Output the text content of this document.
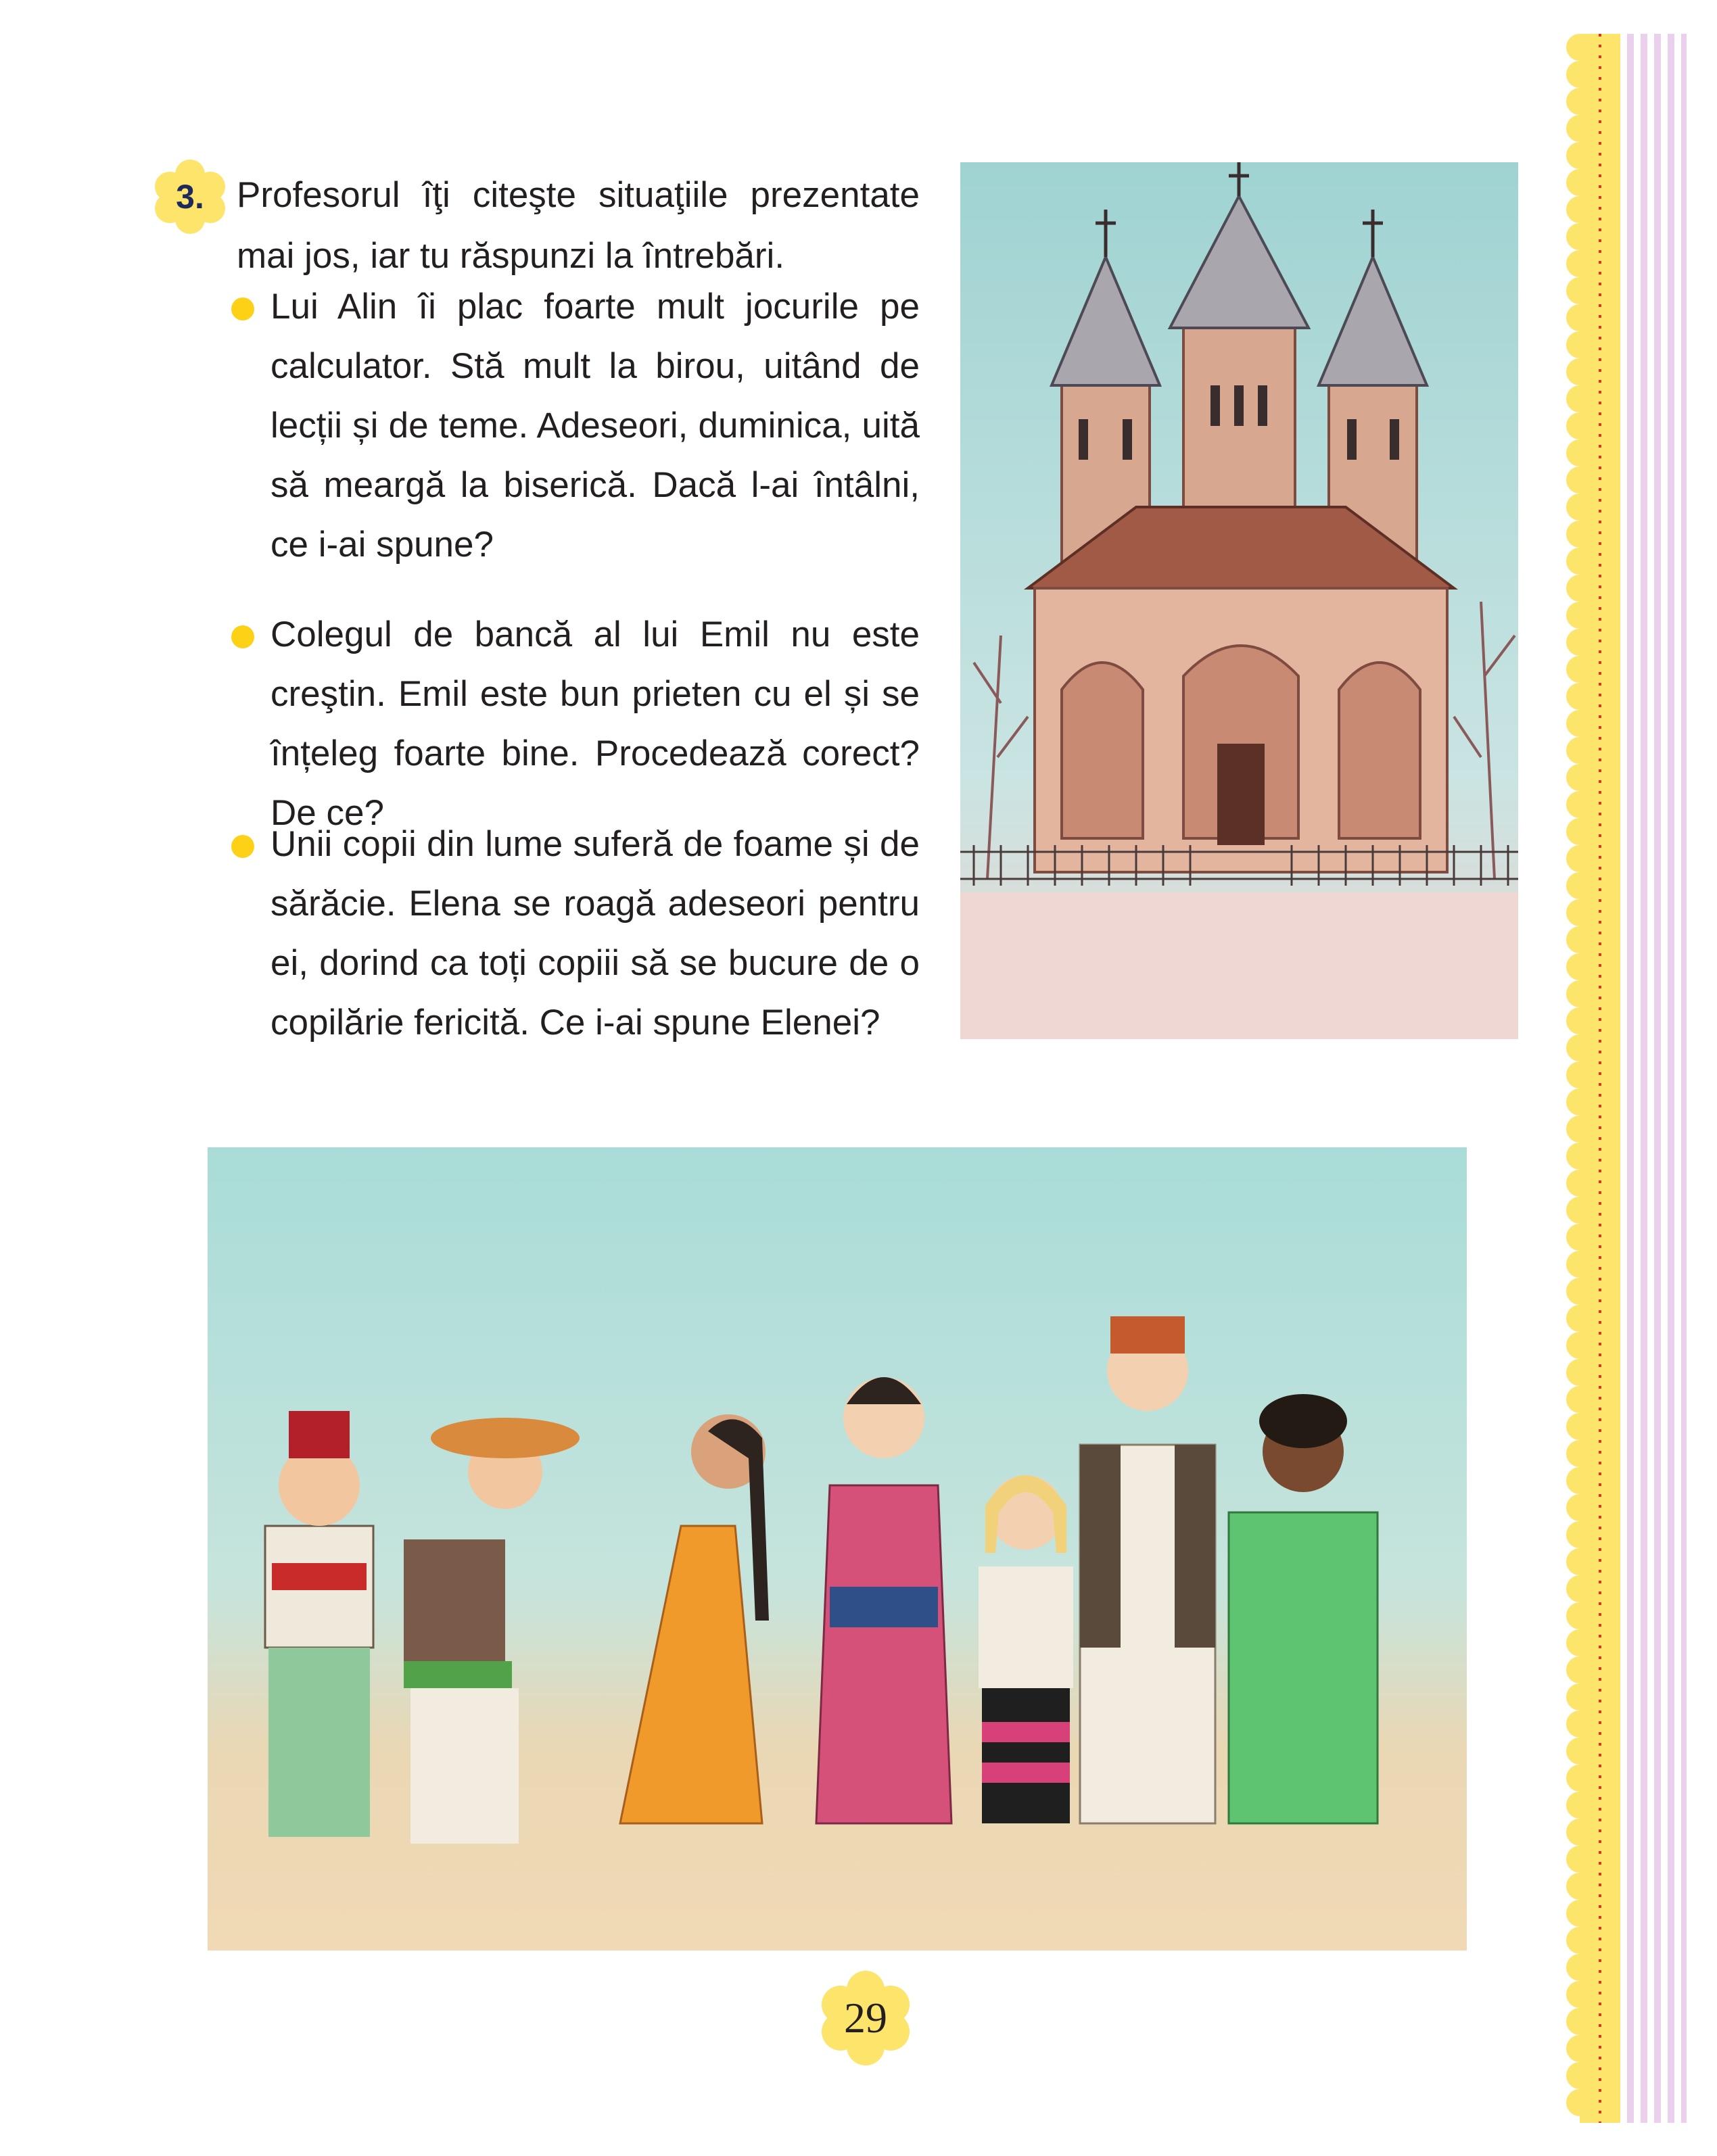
3. Profesorul îţi citeşte situaţiile prezentate mai jos, iar tu răspunzi la întrebări.
Lui Alin îi plac foarte mult jocurile pe calculator. Stă mult la birou, uitând de lecții și de teme. Adeseori, duminica, uită să meargă la biserică. Dacă l-ai întâlni, ce i-ai spune?
Colegul de bancă al lui Emil nu este creştin. Emil este bun prieten cu el și se înțeleg foarte bine. Procedează corect? De ce?
Unii copii din lume suferă de foame și de sărăcie. Elena se roagă adeseori pentru ei, dorind ca toți copiii să se bucure de o copilărie fericită. Ce i-ai spune Elenei?
29
